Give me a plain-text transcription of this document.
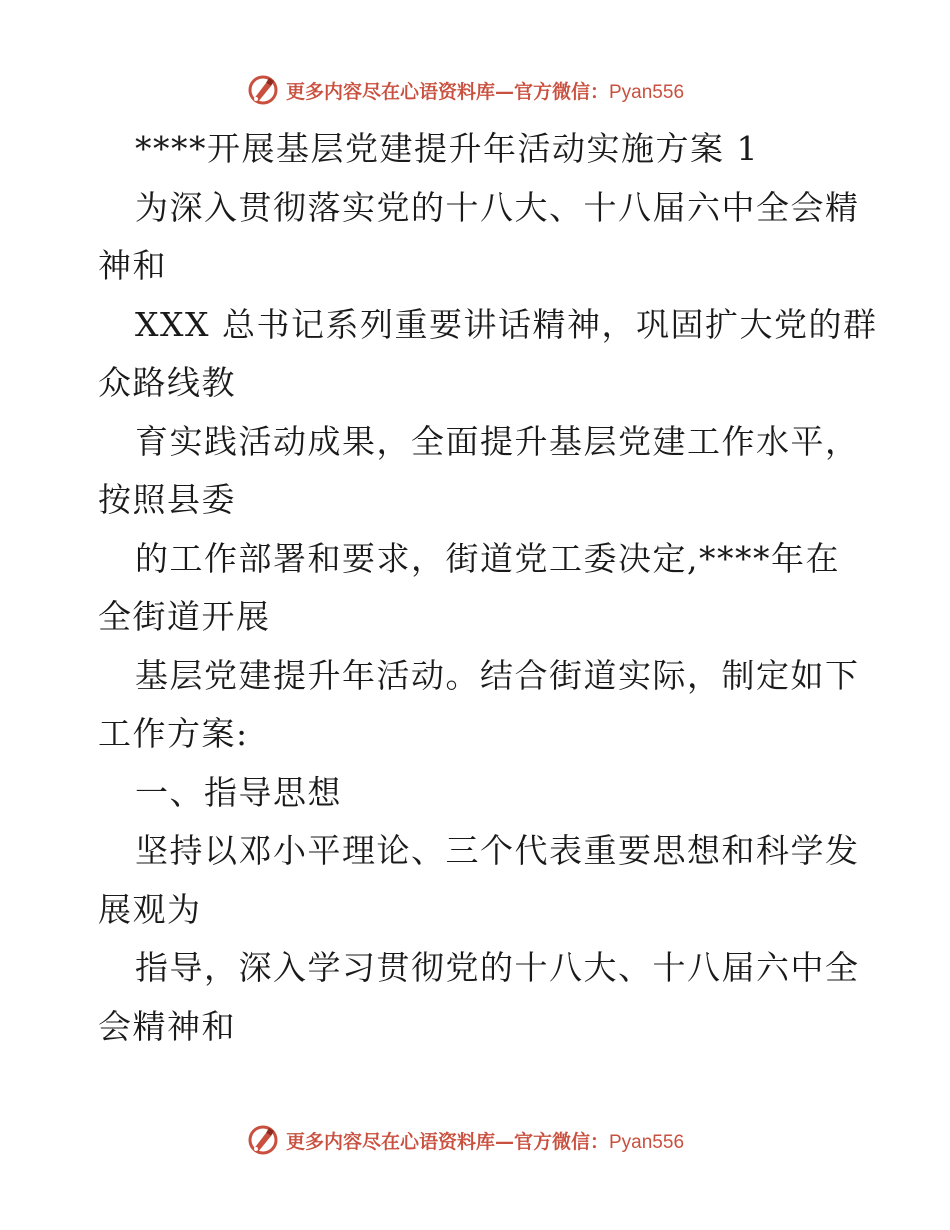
更多内容尽在心语资料库—官方微信：Pyan556
****开展基层党建提升年活动实施方案 1
为深入贯彻落实党的十八大、十八届六中全会精
神和
XXX 总书记系列重要讲话精神，巩固扩大党的群
众路线教
育实践活动成果，全面提升基层党建工作水平，
按照县委
的工作部署和要求，街道党工委决定,****年在
全街道开展
基层党建提升年活动。结合街道实际，制定如下
工作方案:
一、指导思想
坚持以邓小平理论、三个代表重要思想和科学发
展观为
指导，深入学习贯彻党的十八大、十八届六中全
会精神和
更多内容尽在心语资料库—官方微信：Pyan556
